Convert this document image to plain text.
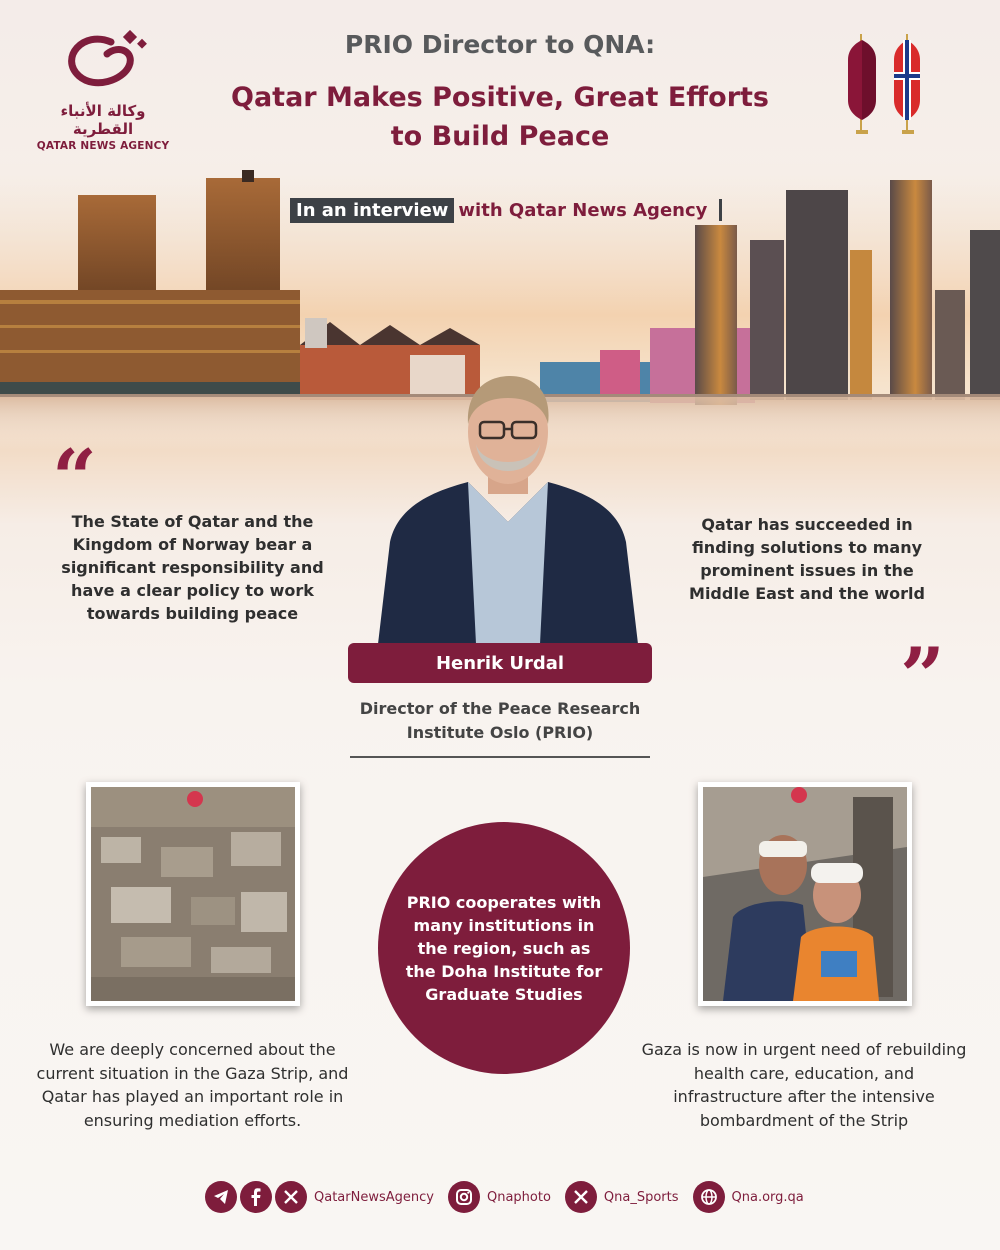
وكالة الأنباء القطرية
QATAR NEWS AGENCY
PRIO Director to QNA:
Qatar Makes Positive, Great Efforts
to Build Peace
In an interview with Qatar News Agency
“
The State of Qatar and the Kingdom of Norway bear a significant responsibility and have a clear policy to work towards building peace
Qatar has succeeded in finding solutions to many prominent issues in the Middle East and the world
”
Henrik Urdal
Director of the Peace Research
Institute Oslo (PRIO)
PRIO cooperates with many institutions in the region, such as the Doha Institute for Graduate Studies
We are deeply concerned about the current situation in the Gaza Strip, and Qatar has played an important role in ensuring mediation efforts.
Gaza is now in urgent need of rebuilding health care, education, and infrastructure after the intensive bombardment of the Strip
QatarNewsAgency	Qnaphoto	Qna_Sports	Qna.org.qa
